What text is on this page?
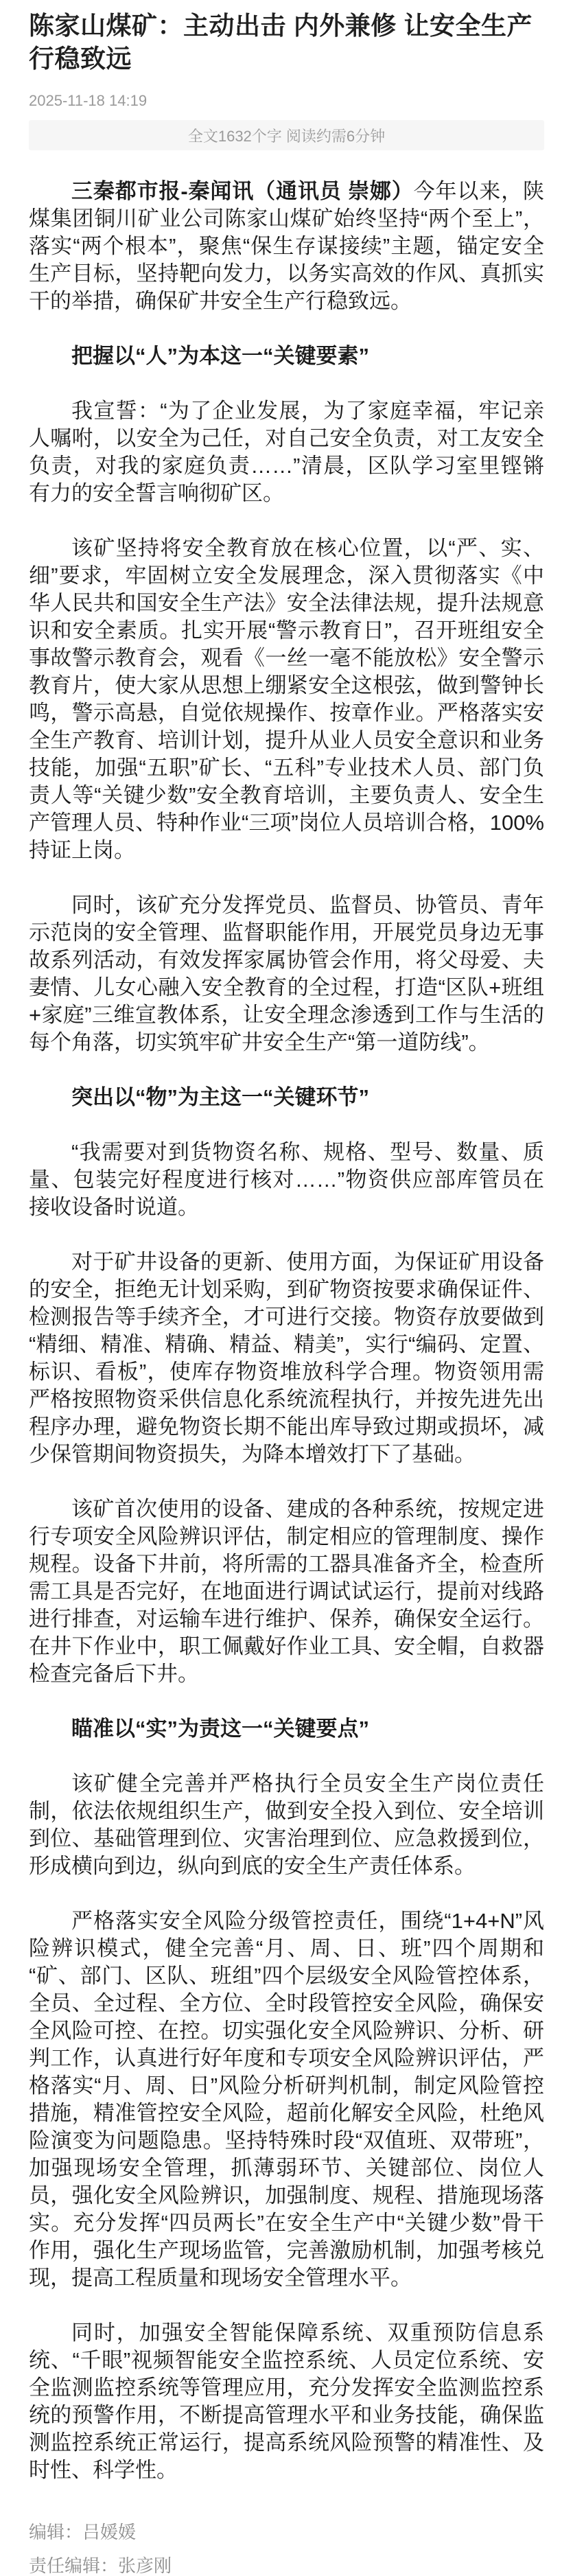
陈家山煤矿：主动出击 内外兼修 让安全生产行稳致远
2025-11-18 14:19
全文1632个字 阅读约需6分钟

三秦都市报-秦闻讯（通讯员 崇娜）今年以来，陕煤集团铜川矿业公司陈家山煤矿始终坚持“两个至上”，落实“两个根本”，聚焦“保生存谋接续”主题，锚定安全生产目标，坚持靶向发力，以务实高效的作风、真抓实干的举措，确保矿井安全生产行稳致远。

把握以“人”为本这一“关键要素”

我宣誓：“为了企业发展，为了家庭幸福，牢记亲人嘱咐，以安全为己任，对自己安全负责，对工友安全负责，对我的家庭负责……”清晨，区队学习室里铿锵有力的安全誓言响彻矿区。

该矿坚持将安全教育放在核心位置，以“严、实、细”要求，牢固树立安全发展理念，深入贯彻落实《中华人民共和国安全生产法》安全法律法规，提升法规意识和安全素质。扎实开展“警示教育日”，召开班组安全事故警示教育会，观看《一丝一毫不能放松》安全警示教育片，使大家从思想上绷紧安全这根弦，做到警钟长鸣，警示高悬，自觉依规操作、按章作业。严格落实安全生产教育、培训计划，提升从业人员安全意识和业务技能，加强“五职”矿长、“五科”专业技术人员、部门负责人等“关键少数”安全教育培训，主要负责人、安全生产管理人员、特种作业“三项”岗位人员培训合格，100%持证上岗。

同时，该矿充分发挥党员、监督员、协管员、青年示范岗的安全管理、监督职能作用，开展党员身边无事故系列活动，有效发挥家属协管会作用，将父母爱、夫妻情、儿女心融入安全教育的全过程，打造“区队+班组+家庭”三维宣教体系，让安全理念渗透到工作与生活的每个角落，切实筑牢矿井安全生产“第一道防线”。

突出以“物”为主这一“关键环节”

“我需要对到货物资名称、规格、型号、数量、质量、包装完好程度进行核对……”物资供应部库管员在接收设备时说道。

对于矿井设备的更新、使用方面，为保证矿用设备的安全，拒绝无计划采购，到矿物资按要求确保证件、检测报告等手续齐全，才可进行交接。物资存放要做到“精细、精准、精确、精益、精美”，实行“编码、定置、标识、看板”，使库存物资堆放科学合理。物资领用需严格按照物资采供信息化系统流程执行，并按先进先出程序办理，避免物资长期不能出库导致过期或损坏，减少保管期间物资损失，为降本增效打下了基础。

该矿首次使用的设备、建成的各种系统，按规定进行专项安全风险辨识评估，制定相应的管理制度、操作规程。设备下井前，将所需的工器具准备齐全，检查所需工具是否完好，在地面进行调试试运行，提前对线路进行排查，对运输车进行维护、保养，确保安全运行。在井下作业中，职工佩戴好作业工具、安全帽，自救器检查完备后下井。

瞄准以“实”为责这一“关键要点”

该矿健全完善并严格执行全员安全生产岗位责任制，依法依规组织生产，做到安全投入到位、安全培训到位、基础管理到位、灾害治理到位、应急救援到位，形成横向到边，纵向到底的安全生产责任体系。

严格落实安全风险分级管控责任，围绕“1+4+N”风险辨识模式，健全完善“月、周、日、班”四个周期和“矿、部门、区队、班组”四个层级安全风险管控体系，全员、全过程、全方位、全时段管控安全风险，确保安全风险可控、在控。切实强化安全风险辨识、分析、研判工作，认真进行好年度和专项安全风险辨识评估，严格落实“月、周、日”风险分析研判机制，制定风险管控措施，精准管控安全风险，超前化解安全风险，杜绝风险演变为问题隐患。坚持特殊时段“双值班、双带班”，加强现场安全管理，抓薄弱环节、关键部位、岗位人员，强化安全风险辨识，加强制度、规程、措施现场落实。充分发挥“四员两长”在安全生产中“关键少数”骨干作用，强化生产现场监管，完善激励机制，加强考核兑现，提高工程质量和现场安全管理水平。

同时，加强安全智能保障系统、双重预防信息系统、“千眼”视频智能安全监控系统、人员定位系统、安全监测监控系统等管理应用，充分发挥安全监测监控系统的预警作用，不断提高管理水平和业务技能，确保监测监控系统正常运行，提高系统风险预警的精准性、及时性、科学性。

编辑：吕媛媛

责任编辑：张彦刚
